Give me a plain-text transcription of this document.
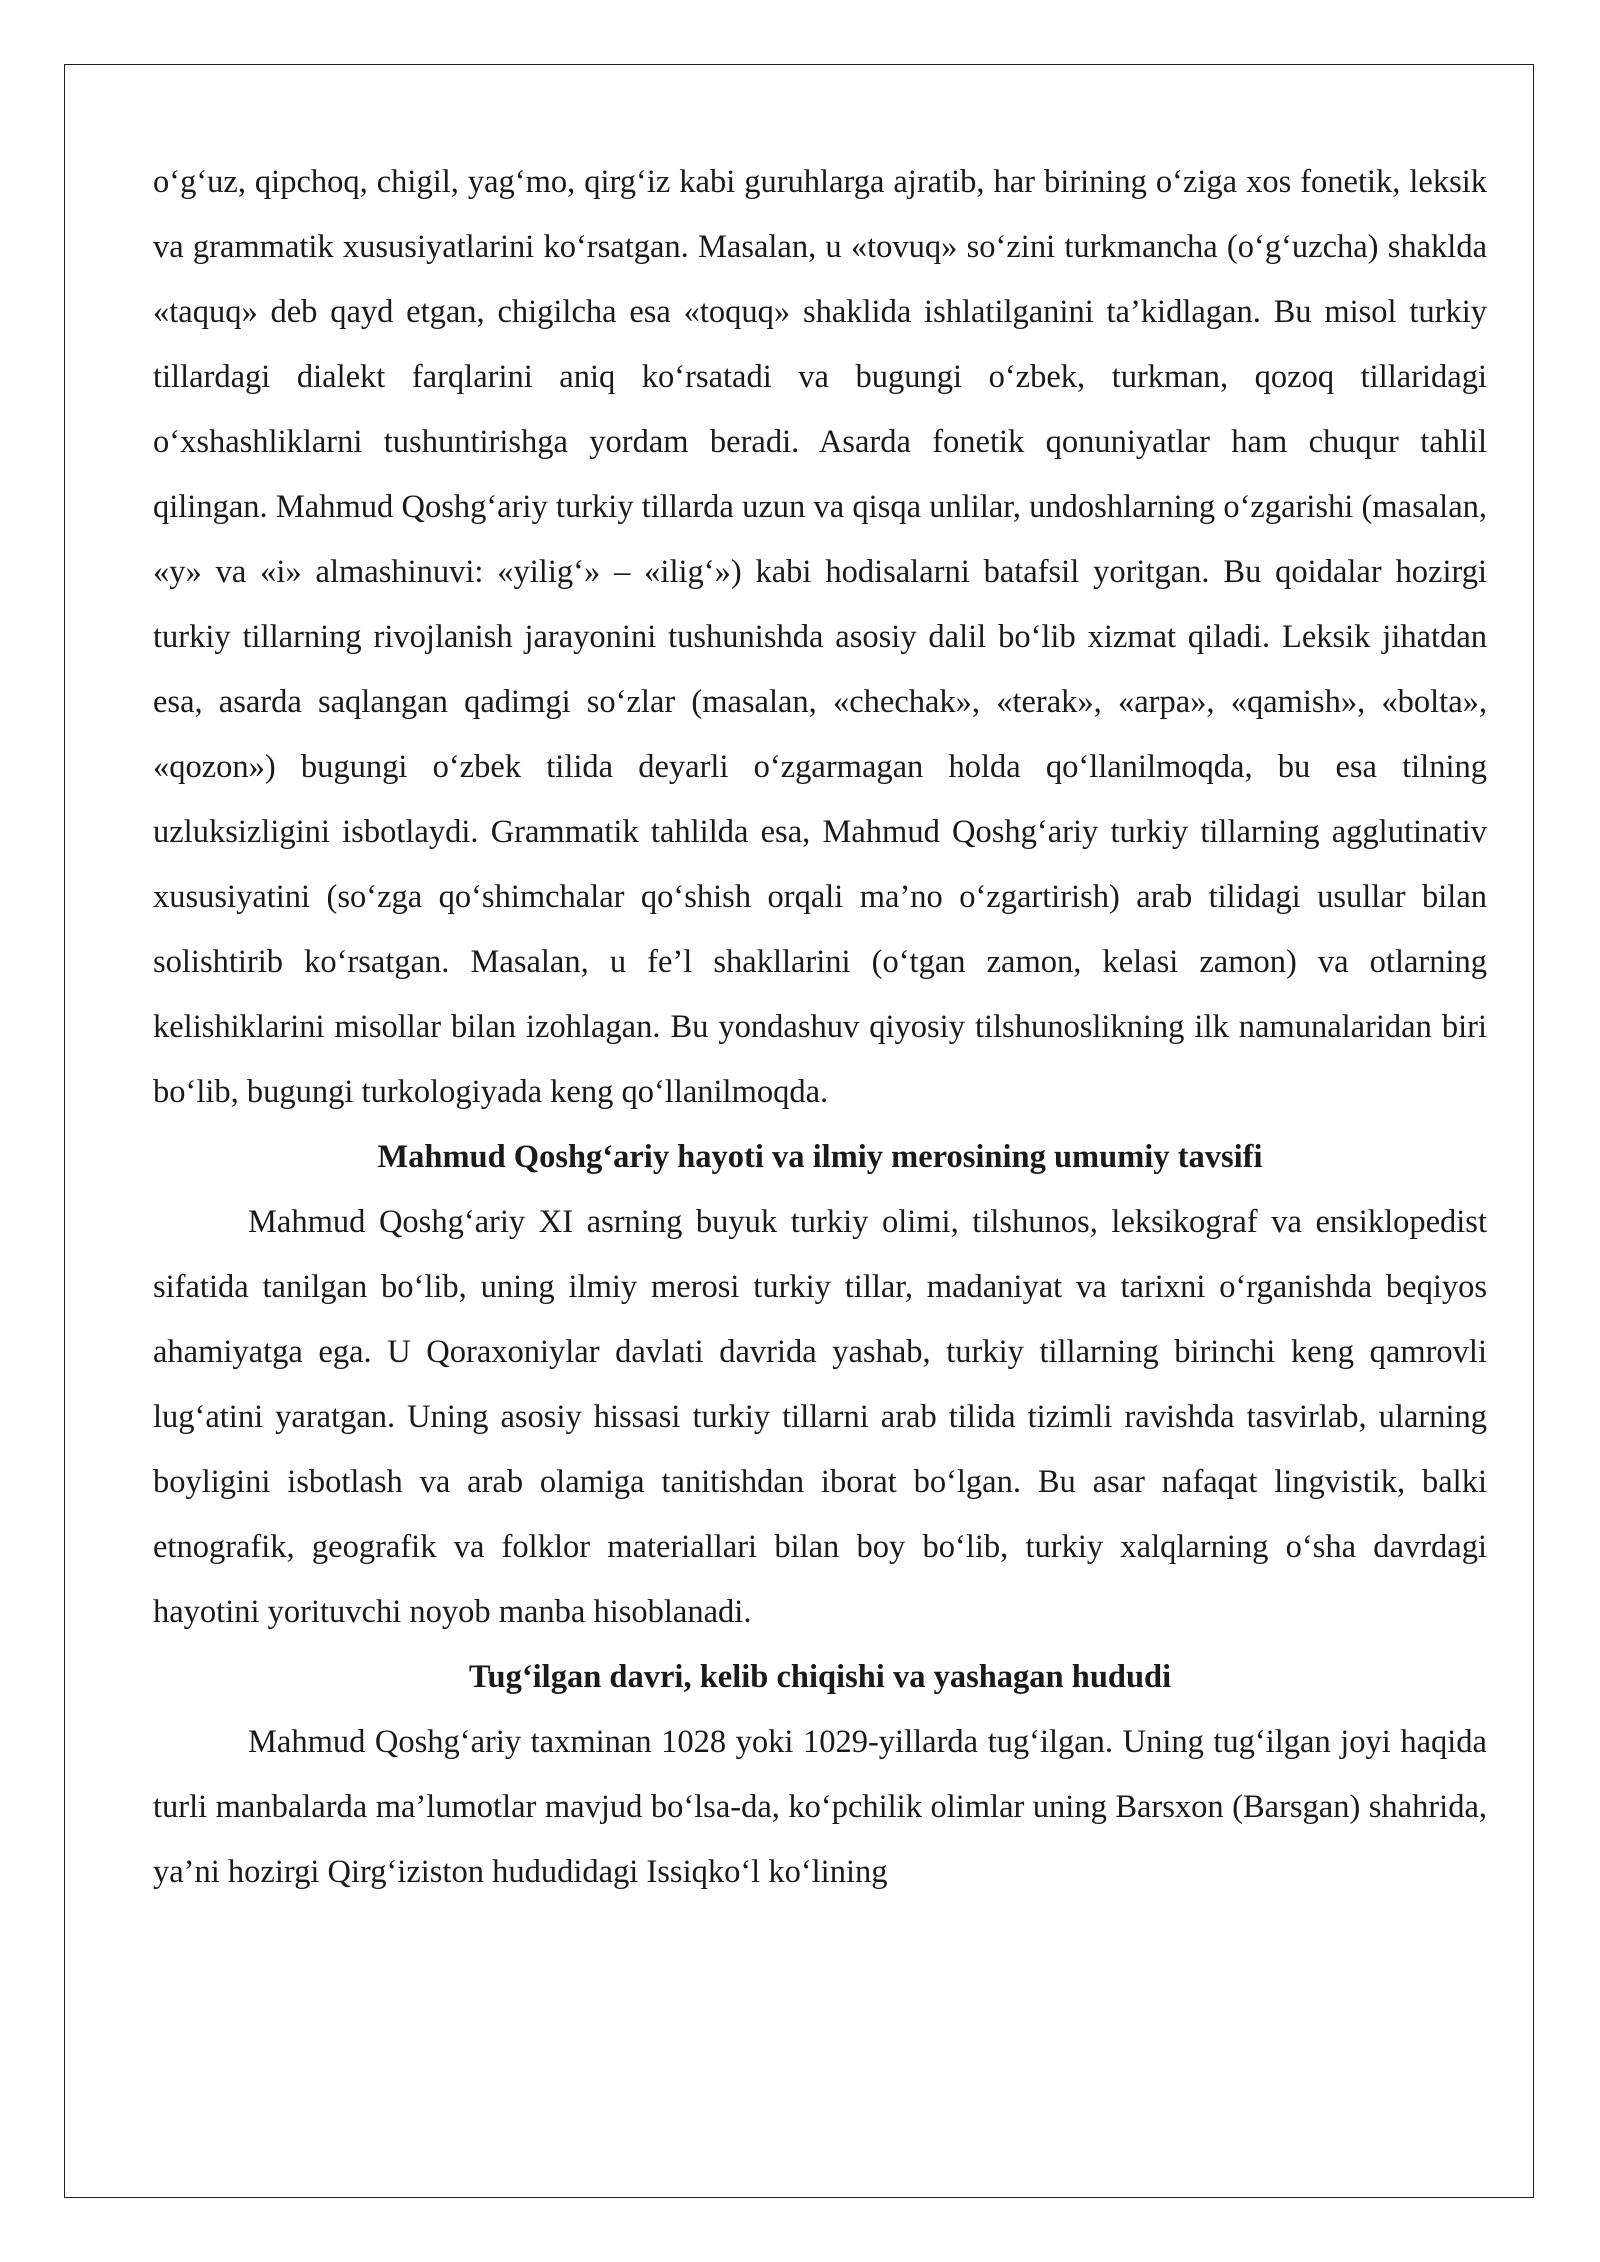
o‘g‘uz, qipchoq, chigil, yag‘mo, qirg‘iz kabi guruhlarga ajratib, har birining o‘ziga xos fonetik, leksik va grammatik xususiyatlarini ko‘rsatgan. Masalan, u «tovuq» so‘zini turkmancha (o‘g‘uzcha) shaklda «taquq» deb qayd etgan, chigilcha esa «toquq» shaklida ishlatilganini ta’kidlagan. Bu misol turkiy tillardagi dialekt farqlarini aniq ko‘rsatadi va bugungi o‘zbek, turkman, qozoq tillaridagi o‘xshashliklarni tushuntirishga yordam beradi. Asarda fonetik qonuniyatlar ham chuqur tahlil qilingan. Mahmud Qoshg‘ariy turkiy tillarda uzun va qisqa unlilar, undoshlarning o‘zgarishi (masalan, «y» va «i» almashinuvi: «yilig‘» – «ilig‘») kabi hodisalarni batafsil yoritgan. Bu qoidalar hozirgi turkiy tillarning rivojlanish jarayonini tushunishda asosiy dalil bo‘lib xizmat qiladi. Leksik jihatdan esa, asarda saqlangan qadimgi so‘zlar (masalan, «chechak», «terak», «arpa», «qamish», «bolta», «qozon») bugungi o‘zbek tilida deyarli o‘zgarmagan holda qo‘llanilmoqda, bu esa tilning uzluksizligini isbotlaydi. Grammatik tahlilda esa, Mahmud Qoshg‘ariy turkiy tillarning agglutinativ xususiyatini (so‘zga qo‘shimchalar qo‘shish orqali ma’no o‘zgartirish) arab tilidagi usullar bilan solishtirib ko‘rsatgan. Masalan, u fe’l shakllarini (o‘tgan zamon, kelasi zamon) va otlarning kelishiklarini misollar bilan izohlagan. Bu yondashuv qiyosiy tilshunoslikning ilk namunalaridan biri bo‘lib, bugungi turkologiyada keng qo‘llanilmoqda.

Mahmud Qoshg‘ariy hayoti va ilmiy merosining umumiy tavsifi

Mahmud Qoshg‘ariy XI asrning buyuk turkiy olimi, tilshunos, leksikograf va ensiklopedist sifatida tanilgan bo‘lib, uning ilmiy merosi turkiy tillar, madaniyat va tarixni o‘rganishda beqiyos ahamiyatga ega. U Qoraxoniylar davlati davrida yashab, turkiy tillarning birinchi keng qamrovli lug‘atini yaratgan. Uning asosiy hissasi turkiy tillarni arab tilida tizimli ravishda tasvirlab, ularning boyligini isbotlash va arab olamiga tanitishdan iborat bo‘lgan. Bu asar nafaqat lingvistik, balki etnografik, geografik va folklor materiallari bilan boy bo‘lib, turkiy xalqlarning o‘sha davrdagi hayotini yorituvchi noyob manba hisoblanadi.

Tug‘ilgan davri, kelib chiqishi va yashagan hududi

Mahmud Qoshg‘ariy taxminan 1028 yoki 1029-yillarda tug‘ilgan. Uning tug‘ilgan joyi haqida turli manbalarda ma’lumotlar mavjud bo‘lsa-da, ko‘pchilik olimlar uning Barsxon (Barsgan) shahrida, ya’ni hozirgi Qirg‘iziston hududidagi Issiqko‘l ko‘lining
